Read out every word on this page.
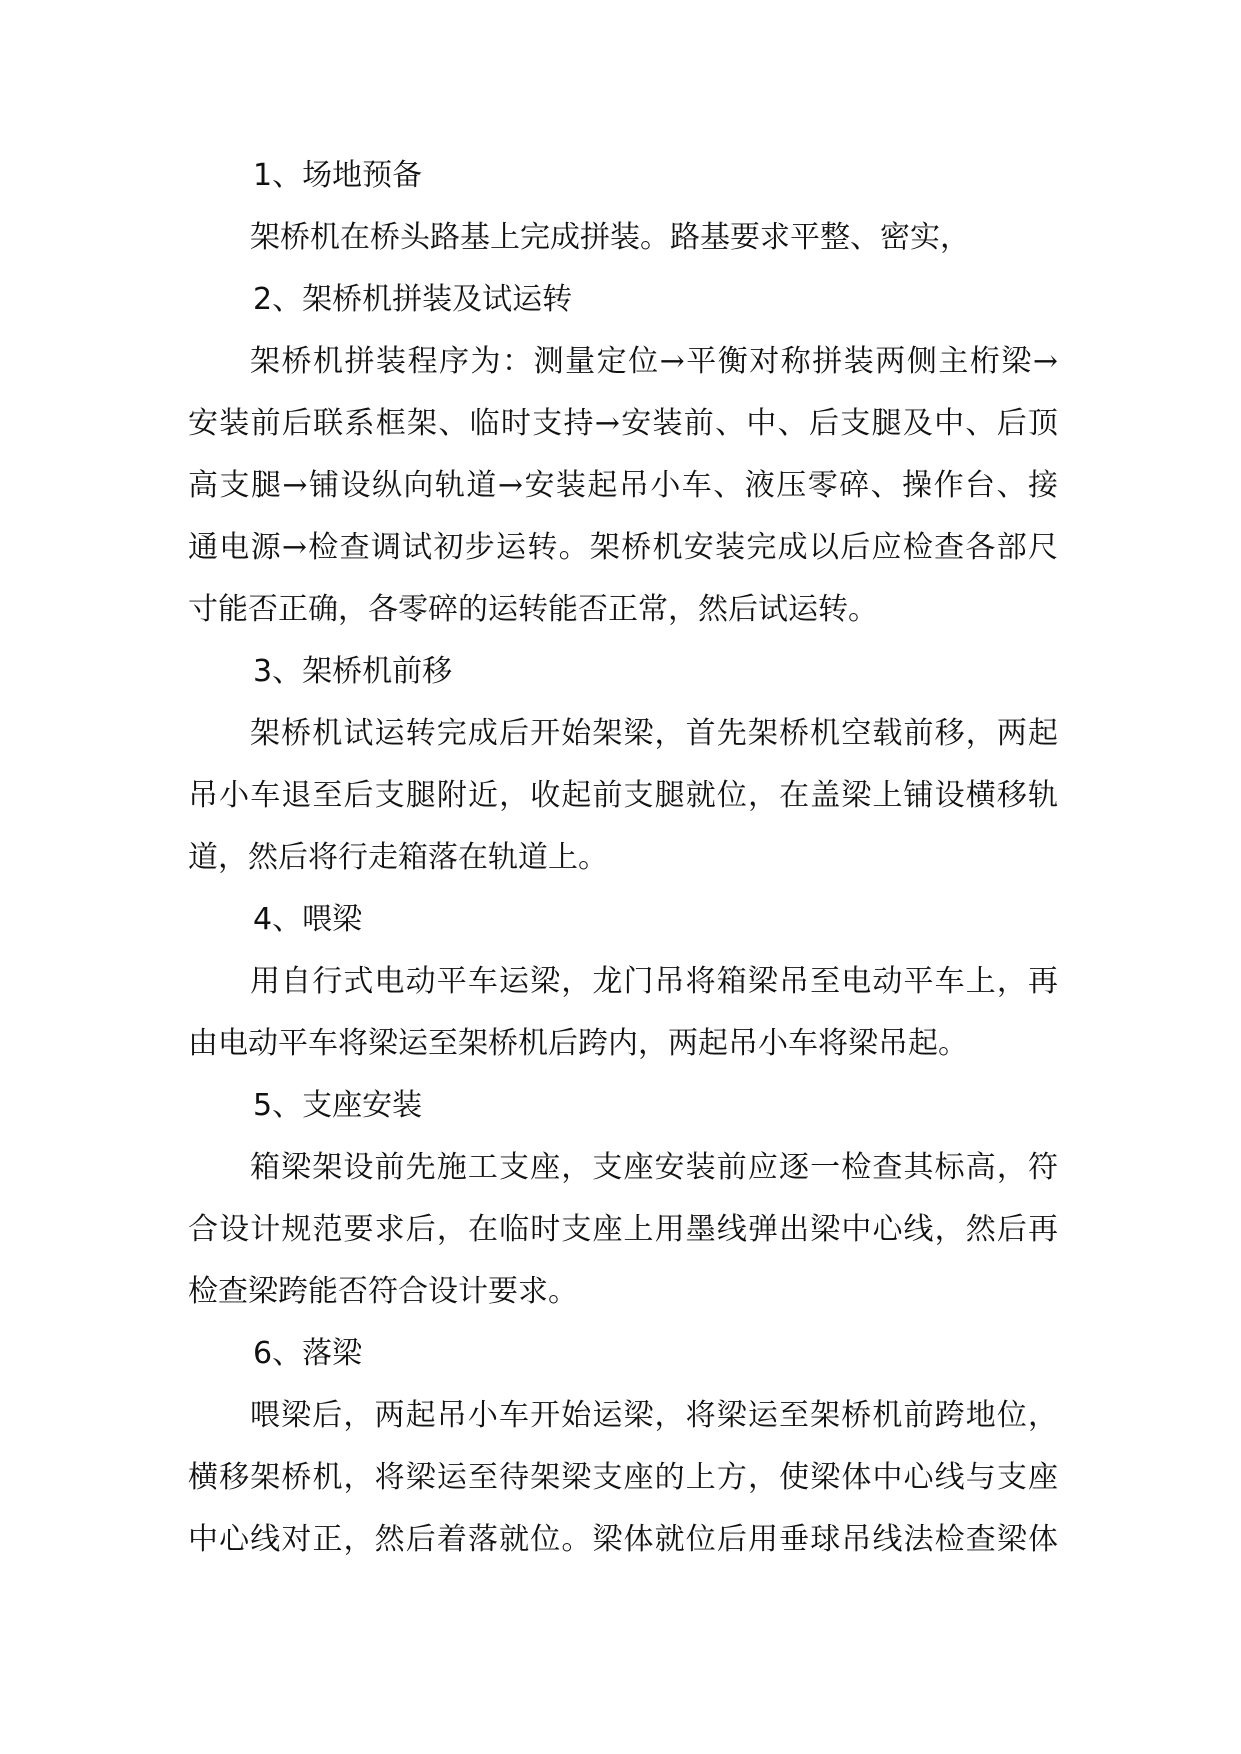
1、场地预备
架桥机在桥头路基上完成拼装。路基要求平整、密实，
2、架桥机拼装及试运转
架桥机拼装程序为：测量定位→平衡对称拼装两侧主桁梁→
安装前后联系框架、临时支持→安装前、中、后支腿及中、后顶
高支腿→铺设纵向轨道→安装起吊小车、液压零碎、操作台、接
通电源→检查调试初步运转。架桥机安装完成以后应检查各部尺
寸能否正确，各零碎的运转能否正常，然后试运转。
3、架桥机前移
架桥机试运转完成后开始架梁，首先架桥机空载前移，两起
吊小车退至后支腿附近，收起前支腿就位，在盖梁上铺设横移轨
道，然后将行走箱落在轨道上。
4、喂梁
用自行式电动平车运梁，龙门吊将箱梁吊至电动平车上，再
由电动平车将梁运至架桥机后跨内，两起吊小车将梁吊起。
5、支座安装
箱梁架设前先施工支座，支座安装前应逐一检查其标高，符
合设计规范要求后，在临时支座上用墨线弹出梁中心线，然后再
检查梁跨能否符合设计要求。
6、落梁
喂梁后，两起吊小车开始运梁，将梁运至架桥机前跨地位，
横移架桥机，将梁运至待架梁支座的上方，使梁体中心线与支座
中心线对正，然后着落就位。梁体就位后用垂球吊线法检查梁体
